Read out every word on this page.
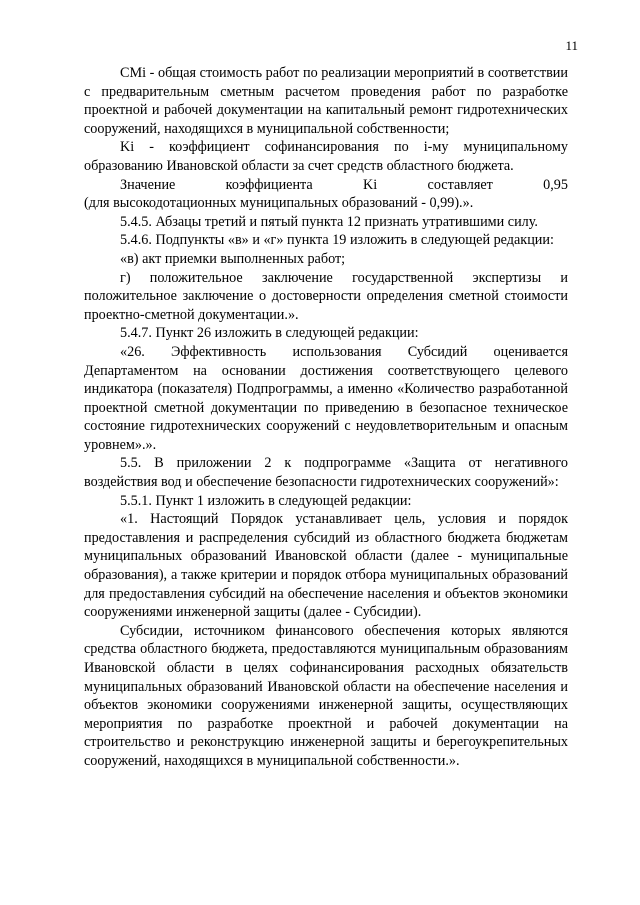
11

СМi - общая стоимость работ по реализации мероприятий в соответствии с предварительным сметным расчетом проведения работ по разработке проектной и рабочей документации на капитальный ремонт гидротехнических сооружений, находящихся в муниципальной собственности;

Ki - коэффициент софинансирования по i-му муниципальному образованию Ивановской области за счет средств областного бюджета.

Значение коэффициента Ki составляет 0,95

(для высокодотационных муниципальных образований - 0,99).».

5.4.5. Абзацы третий и пятый пункта 12 признать утратившими силу.

5.4.6. Подпункты «в» и «г» пункта 19 изложить в следующей редакции:

«в) акт приемки выполненных работ;

г) положительное заключение государственной экспертизы и положительное заключение о достоверности определения сметной стоимости проектно-сметной документации.».

5.4.7. Пункт 26 изложить в следующей редакции:

«26. Эффективность использования Субсидий оценивается Департаментом на основании достижения соответствующего целевого индикатора (показателя) Подпрограммы, а именно «Количество разработанной проектной сметной документации по приведению в безопасное техническое состояние гидротехнических сооружений с неудовлетворительным и опасным уровнем».».

5.5. В приложении 2 к подпрограмме «Защита от негативного воздействия вод и обеспечение безопасности гидротехнических сооружений»:

5.5.1. Пункт 1 изложить в следующей редакции:

«1. Настоящий Порядок устанавливает цель, условия и порядок предоставления и распределения субсидий из областного бюджета бюджетам муниципальных образований Ивановской области (далее - муниципальные образования), а также критерии и порядок отбора муниципальных образований для предоставления субсидий на обеспечение населения и объектов экономики сооружениями инженерной защиты (далее - Субсидии).

Субсидии, источником финансового обеспечения которых являются средства областного бюджета, предоставляются муниципальным образованиям Ивановской области в целях софинансирования расходных обязательств муниципальных образований Ивановской области на обеспечение населения и объектов экономики сооружениями инженерной защиты, осуществляющих мероприятия по разработке проектной и рабочей документации на строительство и реконструкцию инженерной защиты и берегоукрепительных сооружений, находящихся в муниципальной собственности.».
